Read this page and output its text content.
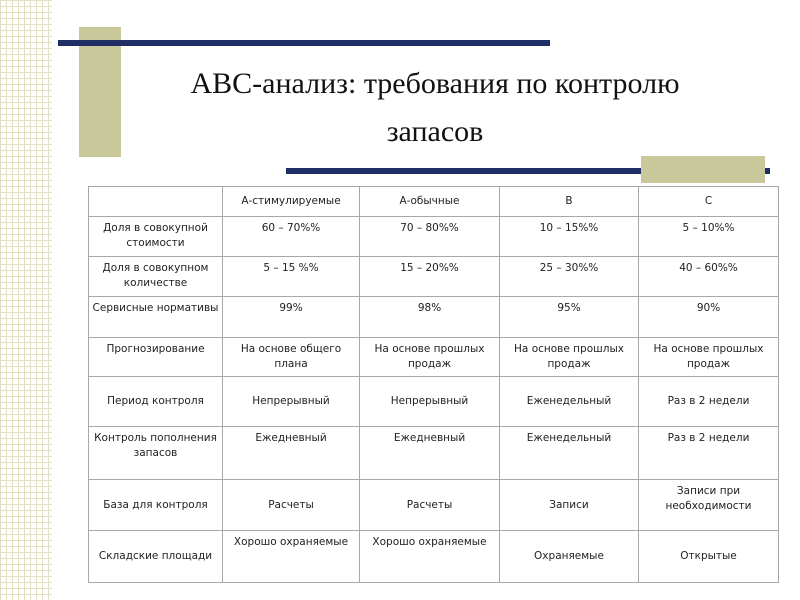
ABC-анализ: требования по контролю
запасов
	А-стимулируемые	А-обычные	В	С
Доля в совокупной стоимости	60 – 70%%	70 – 80%%	10 – 15%%	5 – 10%%
Доля в совокупном количестве	5 – 15 %%	15 – 20%%	25 – 30%%	40 – 60%%
Сервисные нормативы	99%	98%	95%	90%
Прогнозирование	На основе общего плана	На основе прошлых продаж	На основе прошлых продаж	На основе прошлых продаж
Период контроля	Непрерывный	Непрерывный	Еженедельный	Раз в 2 недели
Контроль пополнения запасов	Ежедневный	Ежедневный	Еженедельный	Раз в 2 недели
База для контроля	Расчеты	Расчеты	Записи	Записи при необходимости
Складские площади	Хорошо охраняемые	Хорошо охраняемые	Охраняемые	Открытые
